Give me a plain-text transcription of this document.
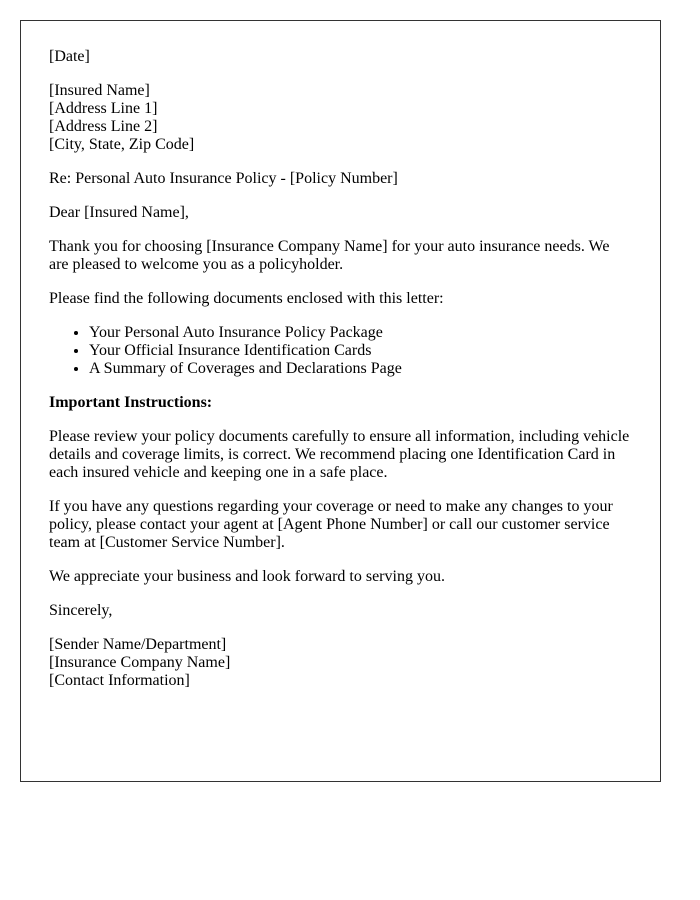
[Date]

[Insured Name]
[Address Line 1]
[Address Line 2]
[City, State, Zip Code]

Re: Personal Auto Insurance Policy - [Policy Number]

Dear [Insured Name],

Thank you for choosing [Insurance Company Name] for your auto insurance needs. We are pleased to welcome you as a policyholder.

Please find the following documents enclosed with this letter:

• Your Personal Auto Insurance Policy Package
• Your Official Insurance Identification Cards
• A Summary of Coverages and Declarations Page

Important Instructions:

Please review your policy documents carefully to ensure all information, including vehicle details and coverage limits, is correct. We recommend placing one Identification Card in each insured vehicle and keeping one in a safe place.

If you have any questions regarding your coverage or need to make any changes to your policy, please contact your agent at [Agent Phone Number] or call our customer service team at [Customer Service Number].

We appreciate your business and look forward to serving you.

Sincerely,

[Sender Name/Department]
[Insurance Company Name]
[Contact Information]
